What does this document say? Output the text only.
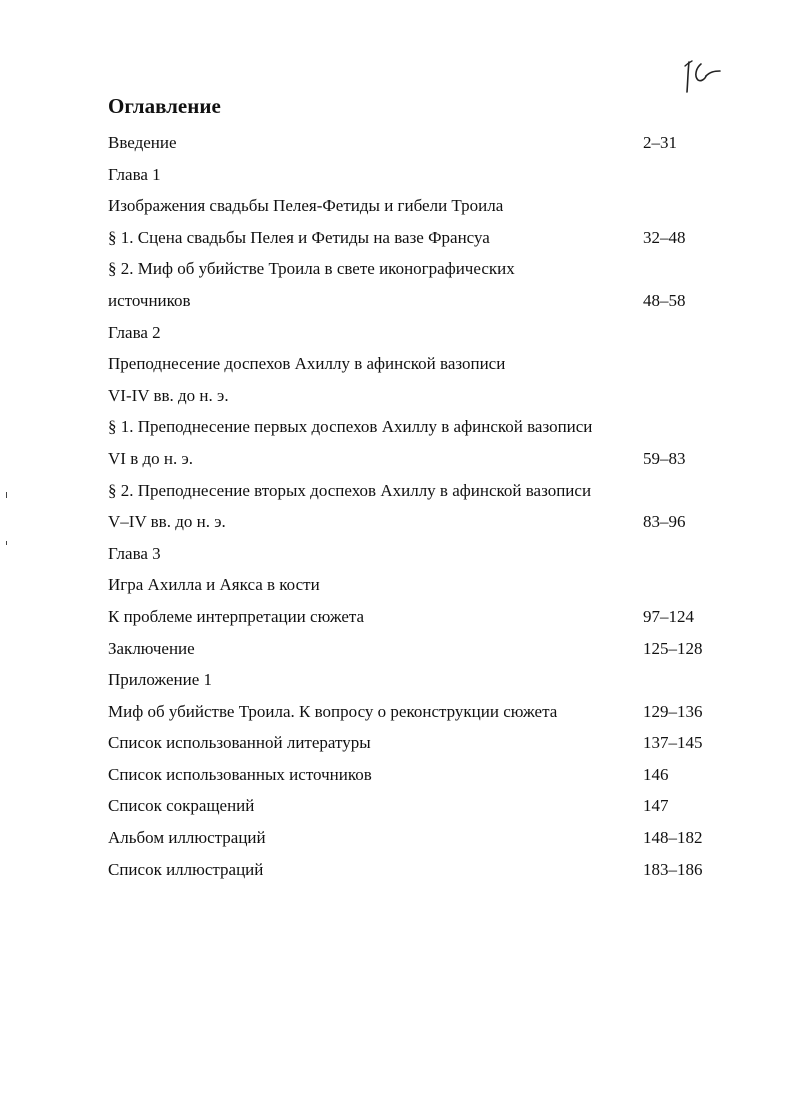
Оглавление
Введение	2–31
Глава 1
Изображения свадьбы Пелея-Фетиды и гибели Троила
§ 1. Сцена свадьбы Пелея и Фетиды на вазе Франсуа	32–48
§ 2. Миф об убийстве Троила в свете иконографических
источников	48–58
Глава 2
Преподнесение доспехов Ахиллу в афинской вазописи
VI-IV вв. до н. э.
§ 1. Преподнесение первых доспехов Ахиллу в афинской вазописи
VI в до н. э.	59–83
§ 2. Преподнесение вторых доспехов Ахиллу в афинской вазописи
V–IV вв. до н. э.	83–96
Глава 3
Игра Ахилла и Аякса в кости
К проблеме интерпретации сюжета	97–124
Заключение	125–128
Приложение 1
Миф об убийстве Троила. К вопросу о реконструкции сюжета	129–136
Список использованной литературы	137–145
Список использованных источников	146
Список сокращений	147
Альбом иллюстраций	148–182
Список иллюстраций	183–186
